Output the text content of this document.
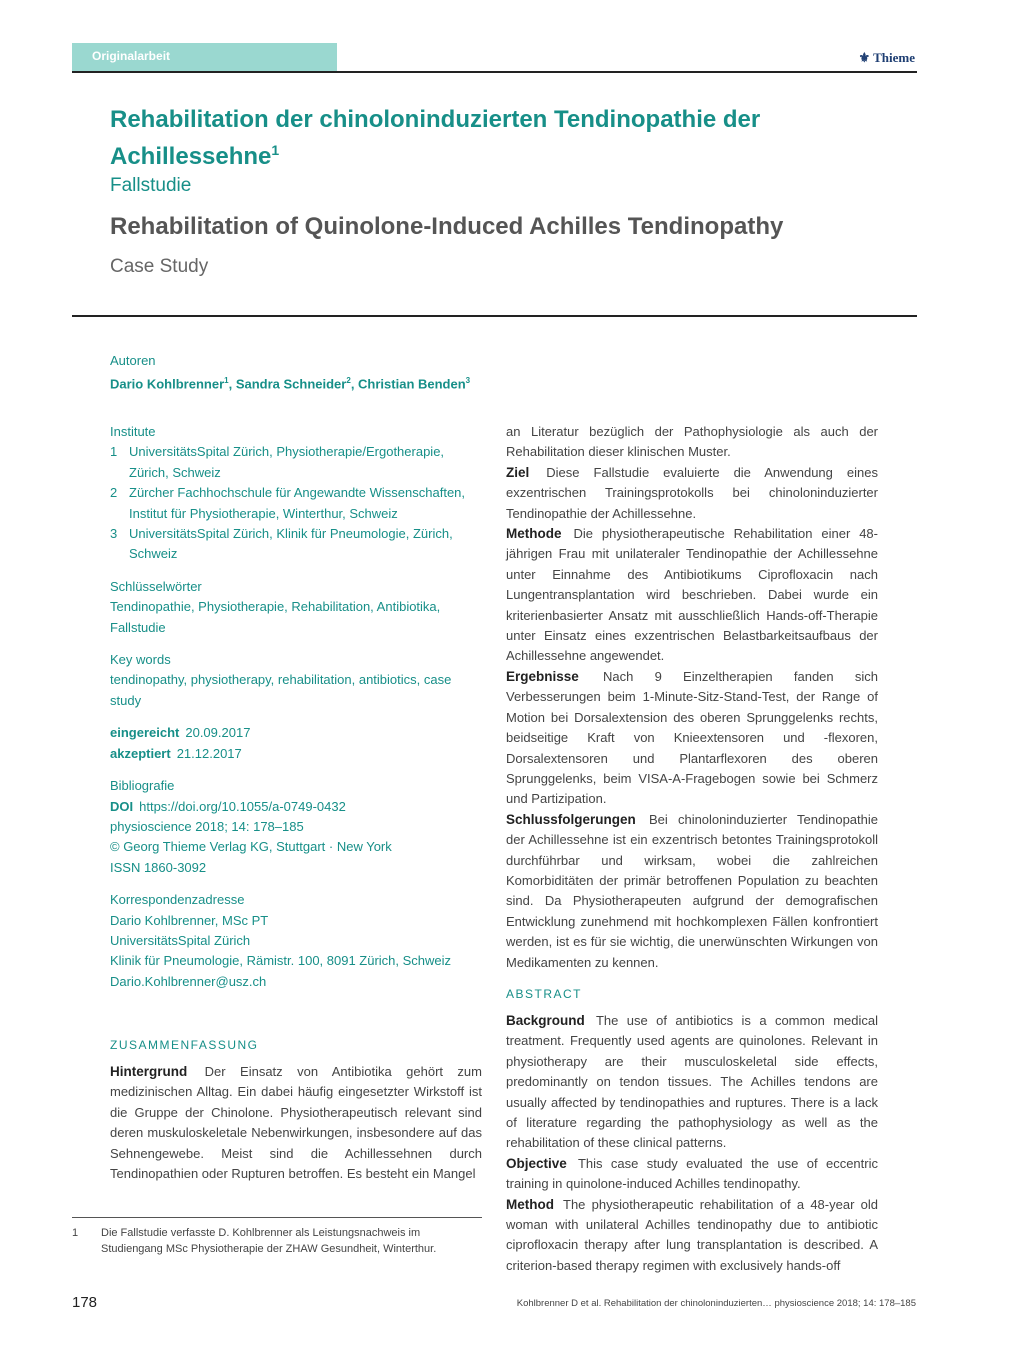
Originalarbeit	⚜ Thieme
Rehabilitation der chinoloninduzierten Tendinopathie der Achillessehne$^1$
Fallstudie
Rehabilitation of Quinolone-Induced Achilles Tendinopathy
Case Study
Autoren
Dario Kohlbrenner$^1$, Sandra Schneider$^2$, Christian Benden$^3$
Institute
1 UniversitätsSpital Zürich, Physiotherapie/Ergotherapie, Zürich, Schweiz
2 Zürcher Fachhochschule für Angewandte Wissenschaften, Institut für Physiotherapie, Winterthur, Schweiz
3 UniversitätsSpital Zürich, Klinik für Pneumologie, Zürich, Schweiz
Schlüsselwörter
Tendinopathie, Physiotherapie, Rehabilitation, Antibiotika, Fallstudie
Key words
tendinopathy, physiotherapy, rehabilitation, antibiotics, case study
eingereicht 20.09.2017
akzeptiert 21.12.2017
Bibliografie
DOI https://doi.org/10.1055/a-0749-0432
physioscience 2018; 14: 178–185
© Georg Thieme Verlag KG, Stuttgart · New York
ISSN 1860-3092
Korrespondenzadresse
Dario Kohlbrenner, MSc PT
UniversitätsSpital Zürich
Klinik für Pneumologie, Rämistr. 100, 8091 Zürich, Schweiz
Dario.Kohlbrenner@usz.ch
ZUSAMMENFASSUNG
Hintergrund Der Einsatz von Antibiotika gehört zum medizinischen Alltag. Ein dabei häufig eingesetzter Wirkstoff ist die Gruppe der Chinolone. Physiotherapeutisch relevant sind deren muskuloskeletale Nebenwirkungen, insbesondere auf das Sehnengewebe. Meist sind die Achillessehnen durch Tendinopathien oder Rupturen betroffen. Es besteht ein Mangel
an Literatur bezüglich der Pathophysiologie als auch der Rehabilitation dieser klinischen Muster.
Ziel Diese Fallstudie evaluierte die Anwendung eines exzentrischen Trainingsprotokolls bei chinoloninduzierter Tendinopathie der Achillessehne.
Methode Die physiotherapeutische Rehabilitation einer 48-jährigen Frau mit unilateraler Tendinopathie der Achillessehne unter Einnahme des Antibiotikums Ciprofloxacin nach Lungentransplantation wird beschrieben. Dabei wurde ein kriterienbasierter Ansatz mit ausschließlich Hands-off-Therapie unter Einsatz eines exzentrischen Belastbarkeitsaufbaus der Achillessehne angewendet.
Ergebnisse Nach 9 Einzeltherapien fanden sich Verbesserungen beim 1-Minute-Sitz-Stand-Test, der Range of Motion bei Dorsalextension des oberen Sprunggelenks rechts, beidseitige Kraft von Knieextensoren und -flexoren, Dorsalextensoren und Plantarflexoren des oberen Sprunggelenks, beim VISA-A-Fragebogen sowie bei Schmerz und Partizipation.
Schlussfolgerungen Bei chinoloninduzierter Tendinopathie der Achillessehne ist ein exzentrisch betontes Trainingsprotokoll durchführbar und wirksam, wobei die zahlreichen Komorbiditäten der primär betroffenen Population zu beachten sind. Da Physiotherapeuten aufgrund der demografischen Entwicklung zunehmend mit hochkomplexen Fällen konfrontiert werden, ist es für sie wichtig, die unerwünschten Wirkungen von Medikamenten zu kennen.
ABSTRACT
Background The use of antibiotics is a common medical treatment. Frequently used agents are quinolones. Relevant in physiotherapy are their musculoskeletal side effects, predominantly on tendon tissues. The Achilles tendons are usually affected by tendinopathies and ruptures. There is a lack of literature regarding the pathophysiology as well as the rehabilitation of these clinical patterns.
Objective This case study evaluated the use of eccentric training in quinolone-induced Achilles tendinopathy.
Method The physiotherapeutic rehabilitation of a 48-year old woman with unilateral Achilles tendinopathy due to antibiotic ciprofloxacin therapy after lung transplantation is described. A criterion-based therapy regimen with exclusively hands-off
1	Die Fallstudie verfasste D. Kohlbrenner als Leistungsnachweis im Studiengang MSc Physiotherapie der ZHAW Gesundheit, Winterthur.
178	Kohlbrenner D et al. Rehabilitation der chinoloninduzierten… physioscience 2018; 14: 178–185
